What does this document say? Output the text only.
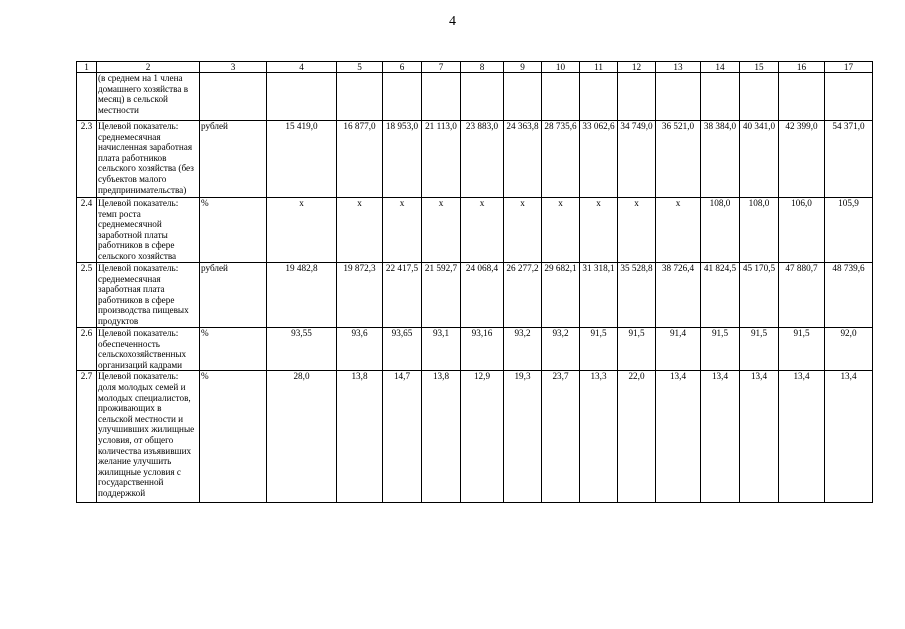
4
1	2	3	4	5	6	7	8	9	10	11	12	13	14	15	16	17
	(в среднем на 1 члена домашнего хозяйства в месяц) в сельской местности															
2.3	Целевой показатель: среднемесячная начисленная заработная плата работников сельского хозяйства (без субъектов малого предпринимательства)	рублей	15 419,0	16 877,0	18 953,0	21 113,0	23 883,0	24 363,8	28 735,6	33 062,6	34 749,0	36 521,0	38 384,0	40 341,0	42 399,0	54 371,0
2.4	Целевой показатель: темп роста среднемесячной заработной платы работников в сфере сельского хозяйства	%	x	x	x	x	x	x	x	x	x	x	108,0	108,0	106,0	105,9
2.5	Целевой показатель: среднемесячная заработная плата работников в сфере производства пищевых продуктов	рублей	19 482,8	19 872,3	22 417,5	21 592,7	24 068,4	26 277,2	29 682,1	31 318,1	35 528,8	38 726,4	41 824,5	45 170,5	47 880,7	48 739,6
2.6	Целевой показатель: обеспеченность сельскохозяйственных организаций кадрами	%	93,55	93,6	93,65	93,1	93,16	93,2	93,2	91,5	91,5	91,4	91,5	91,5	91,5	92,0
2.7	Целевой показатель: доля молодых семей и молодых специалистов, проживающих в сельской местности и улучшивших жилищные условия, от общего количества изъявивших желание улучшить жилищные условия с государственной поддержкой	%	28,0	13,8	14,7	13,8	12,9	19,3	23,7	13,3	22,0	13,4	13,4	13,4	13,4	13,4
